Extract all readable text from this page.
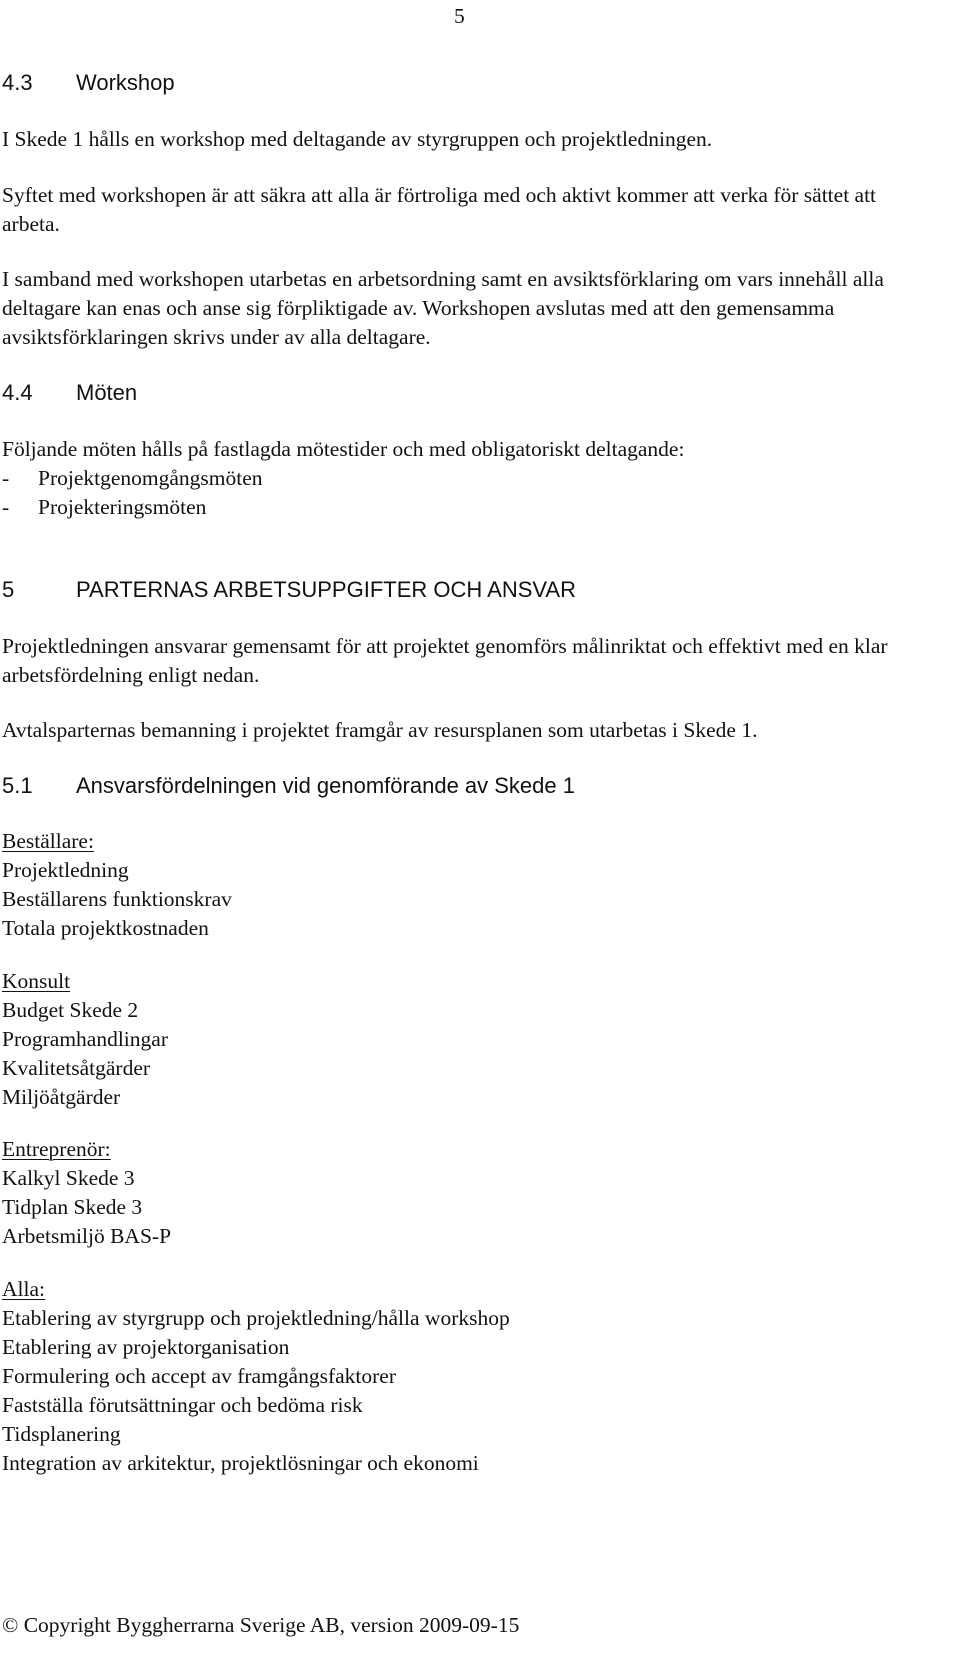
5
4.3 Workshop

I Skede 1 hålls en workshop med deltagande av styrgruppen och projektledningen.

Syftet med workshopen är att säkra att alla är förtroliga med och aktivt kommer att verka för sättet att arbeta.

I samband med workshopen utarbetas en arbetsordning samt en avsiktsförklaring om vars innehåll alla deltagare kan enas och anse sig förpliktigade av. Workshopen avslutas med att den gemensamma avsiktsförklaringen skrivs under av alla deltagare.

4.4 Möten
Följande möten hålls på fastlagda mötestider och med obligatoriskt deltagande:
- Projektgenomgångsmöten
- Projekteringsmöten
5	PARTERNAS ARBETSUPPGIFTER OCH ANSVAR

Projektledningen ansvarar gemensamt för att projektet genomförs målinriktat och effektivt med en klar arbetsfördelning enligt nedan.

Avtalsparternas bemanning i projektet framgår av resursplanen som utarbetas i Skede 1.

5.1 Ansvarsfördelningen vid genomförande av Skede 1
Beställare:
Projektledning
Beställarens funktionskrav
Totala projektkostnaden
Konsult
Budget Skede 2
Programhandlingar
Kvalitetsåtgärder
Miljöåtgärder
Entreprenör:
Kalkyl Skede 3
Tidplan Skede 3
Arbetsmiljö BAS-P
Alla:
Etablering av styrgrupp och projektledning/hålla workshop
Etablering av projektorganisation
Formulering och accept av framgångsfaktorer
Fastställa förutsättningar och bedöma risk
Tidsplanering
Integration av arkitektur, projektlösningar och ekonomi
© Copyright Byggherrarna Sverige AB, version 2009-09-15
